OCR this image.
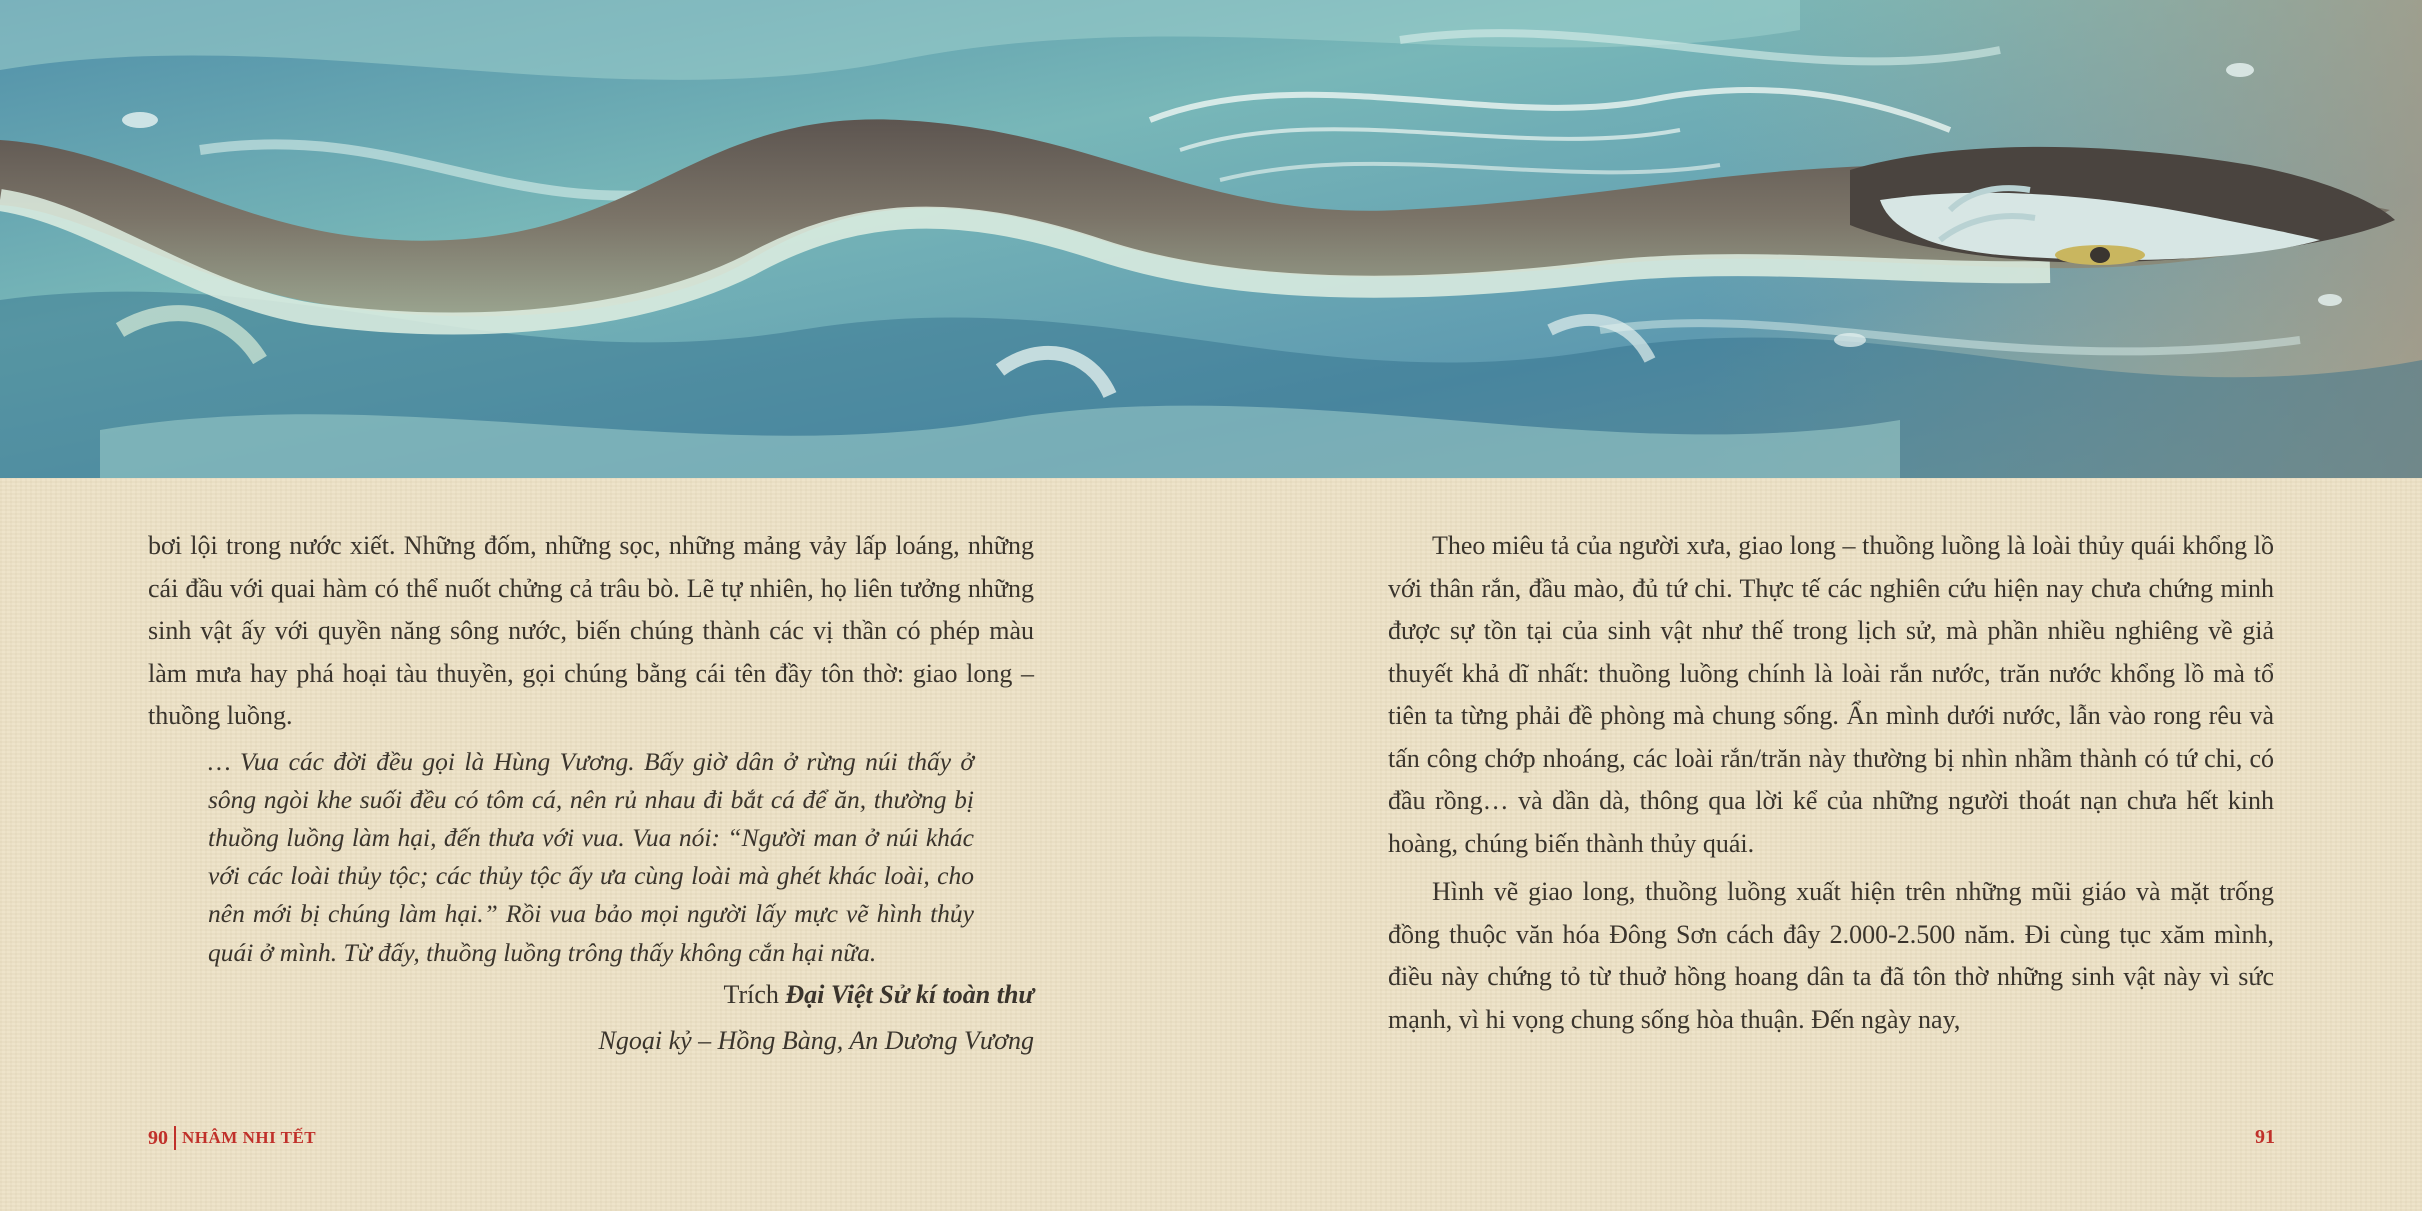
bơi lội trong nước xiết. Những đốm, những sọc, những mảng vảy lấp loáng, những cái đầu với quai hàm có thể nuốt chửng cả trâu bò. Lẽ tự nhiên, họ liên tưởng những sinh vật ấy với quyền năng sông nước, biến chúng thành các vị thần có phép màu làm mưa hay phá hoại tàu thuyền, gọi chúng bằng cái tên đầy tôn thờ: giao long – thuồng luồng.

… Vua các đời đều gọi là Hùng Vương. Bấy giờ dân ở rừng núi thấy ở sông ngòi khe suối đều có tôm cá, nên rủ nhau đi bắt cá để ăn, thường bị thuồng luồng làm hại, đến thưa với vua. Vua nói: “Người man ở núi khác với các loài thủy tộc; các thủy tộc ấy ưa cùng loài mà ghét khác loài, cho nên mới bị chúng làm hại.” Rồi vua bảo mọi người lấy mực vẽ hình thủy quái ở mình. Từ đấy, thuồng luồng trông thấy không cắn hại nữa.
Trích Đại Việt Sử kí toàn thư
Ngoại kỷ – Hồng Bàng, An Dương Vương

Theo miêu tả của người xưa, giao long – thuồng luồng là loài thủy quái khổng lồ với thân rắn, đầu mào, đủ tứ chi. Thực tế các nghiên cứu hiện nay chưa chứng minh được sự tồn tại của sinh vật như thế trong lịch sử, mà phần nhiều nghiêng về giả thuyết khả dĩ nhất: thuồng luồng chính là loài rắn nước, trăn nước khổng lồ mà tổ tiên ta từng phải đề phòng mà chung sống. Ẩn mình dưới nước, lẫn vào rong rêu và tấn công chớp nhoáng, các loài rắn/trăn này thường bị nhìn nhầm thành có tứ chi, có đầu rồng… và dần dà, thông qua lời kể của những người thoát nạn chưa hết kinh hoàng, chúng biến thành thủy quái.

Hình vẽ giao long, thuồng luồng xuất hiện trên những mũi giáo và mặt trống đồng thuộc văn hóa Đông Sơn cách đây 2.000-2.500 năm. Đi cùng tục xăm mình, điều này chứng tỏ từ thuở hồng hoang dân ta đã tôn thờ những sinh vật này vì sức mạnh, vì hi vọng chung sống hòa thuận. Đến ngày nay,

90 NHÂM NHI TẾT	91
